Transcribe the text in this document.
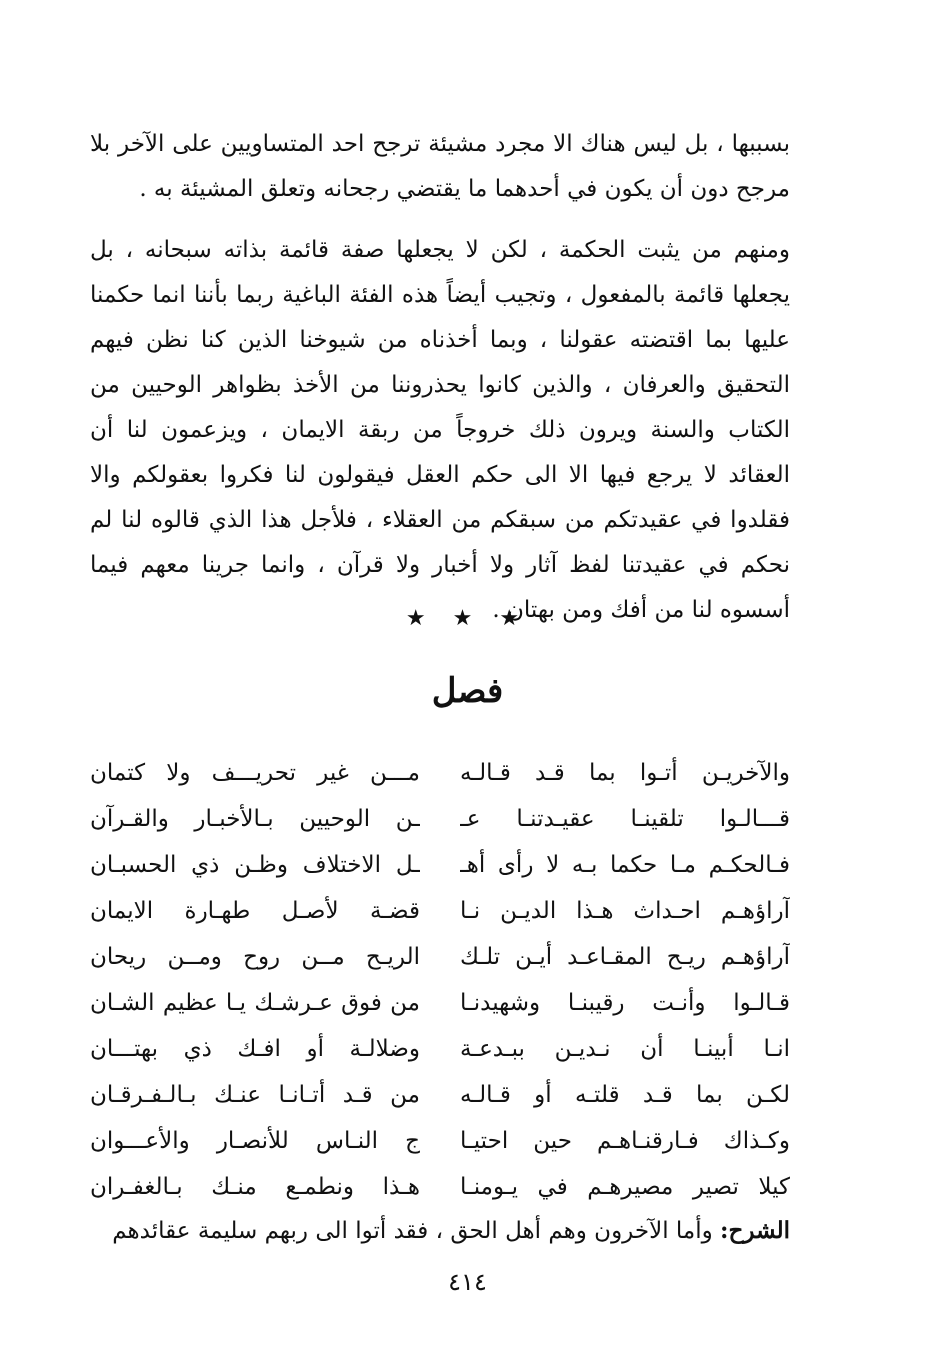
بسببها ، بل ليس هناك الا مجرد مشيئة ترجح احد المتساويين على الآخر بلا مرجح دون أن يكون في أحدهما ما يقتضي رجحانه وتعلق المشيئة به .

ومنهم من يثبت الحكمة ، لكن لا يجعلها صفة قائمة بذاته سبحانه ، بل يجعلها قائمة بالمفعول ، وتجيب أيضاً هذه الفئة الباغية ربما بأننا انما حكمنا عليها بما اقتضته عقولنا ، وبما أخذناه من شيوخنا الذين كنا نظن فيهم التحقيق والعرفان ، والذين كانوا يحذروننا من الأخذ بظواهر الوحيين من الكتاب والسنة ويرون ذلك خروجاً من ربقة الايمان ، ويزعمون لنا أن العقائد لا يرجع فيها الا الى حكم العقل فيقولون لنا فكروا بعقولكم والا فقلدوا في عقيدتكم من سبقكم من العقلاء ، فلأجل هذا الذي قالوه لنا لم نحكم في عقيدتنا لفظ آثار ولا أخبار ولا قرآن ، وانما جرينا معهم فيما أسسوه لنا من أفك ومن بهتان .

★ ★ ★
فصل
والآخريـن أتـوا بما قـد قـالـه
مـــن غير تحريـــف ولا كتمان
قـــالـوا تلقينـا عقيـدتنـا عـ
ـن الوحيين بـالأخبـار والقـرآن
فـالحكـم مـا حكما بـه لا رأى أهـ
ـل الاختلاف وظـن ذي الحسبـان
آراؤهـم احـداث هـذا الديـن نـا
قضـة لأصـل طهـارة الايمان
آراؤهـم ريـح المقـاعـد أيـن تلـك
الريـح مــن روح ومــن ريحان
قـالـوا وأنـت رقيبنـا وشهيدنـا
من فوق عـرشـك يـا عظيم الشـان
انـا أبينـا أن نـديـن ببـدعـة
وضلالـة أو افـك ذي بهتـــان
لكـن بما قـد قلتـه أو قـالـه
من قـد أتـانـا عنـك بـالـفـرقـان
وكـذاك فـارقنـاهـم حين احتيـا
ج النـاس للأنصـار والأعـــوان
كيلا تصير مصيرهـم في يـومنـا
هـذا ونطمـع منـك بـالغفـران
الشرح: وأما الآخرون وهم أهل الحق ، فقد أتوا الى ربهم سليمة عقائدهم
٤١٤
